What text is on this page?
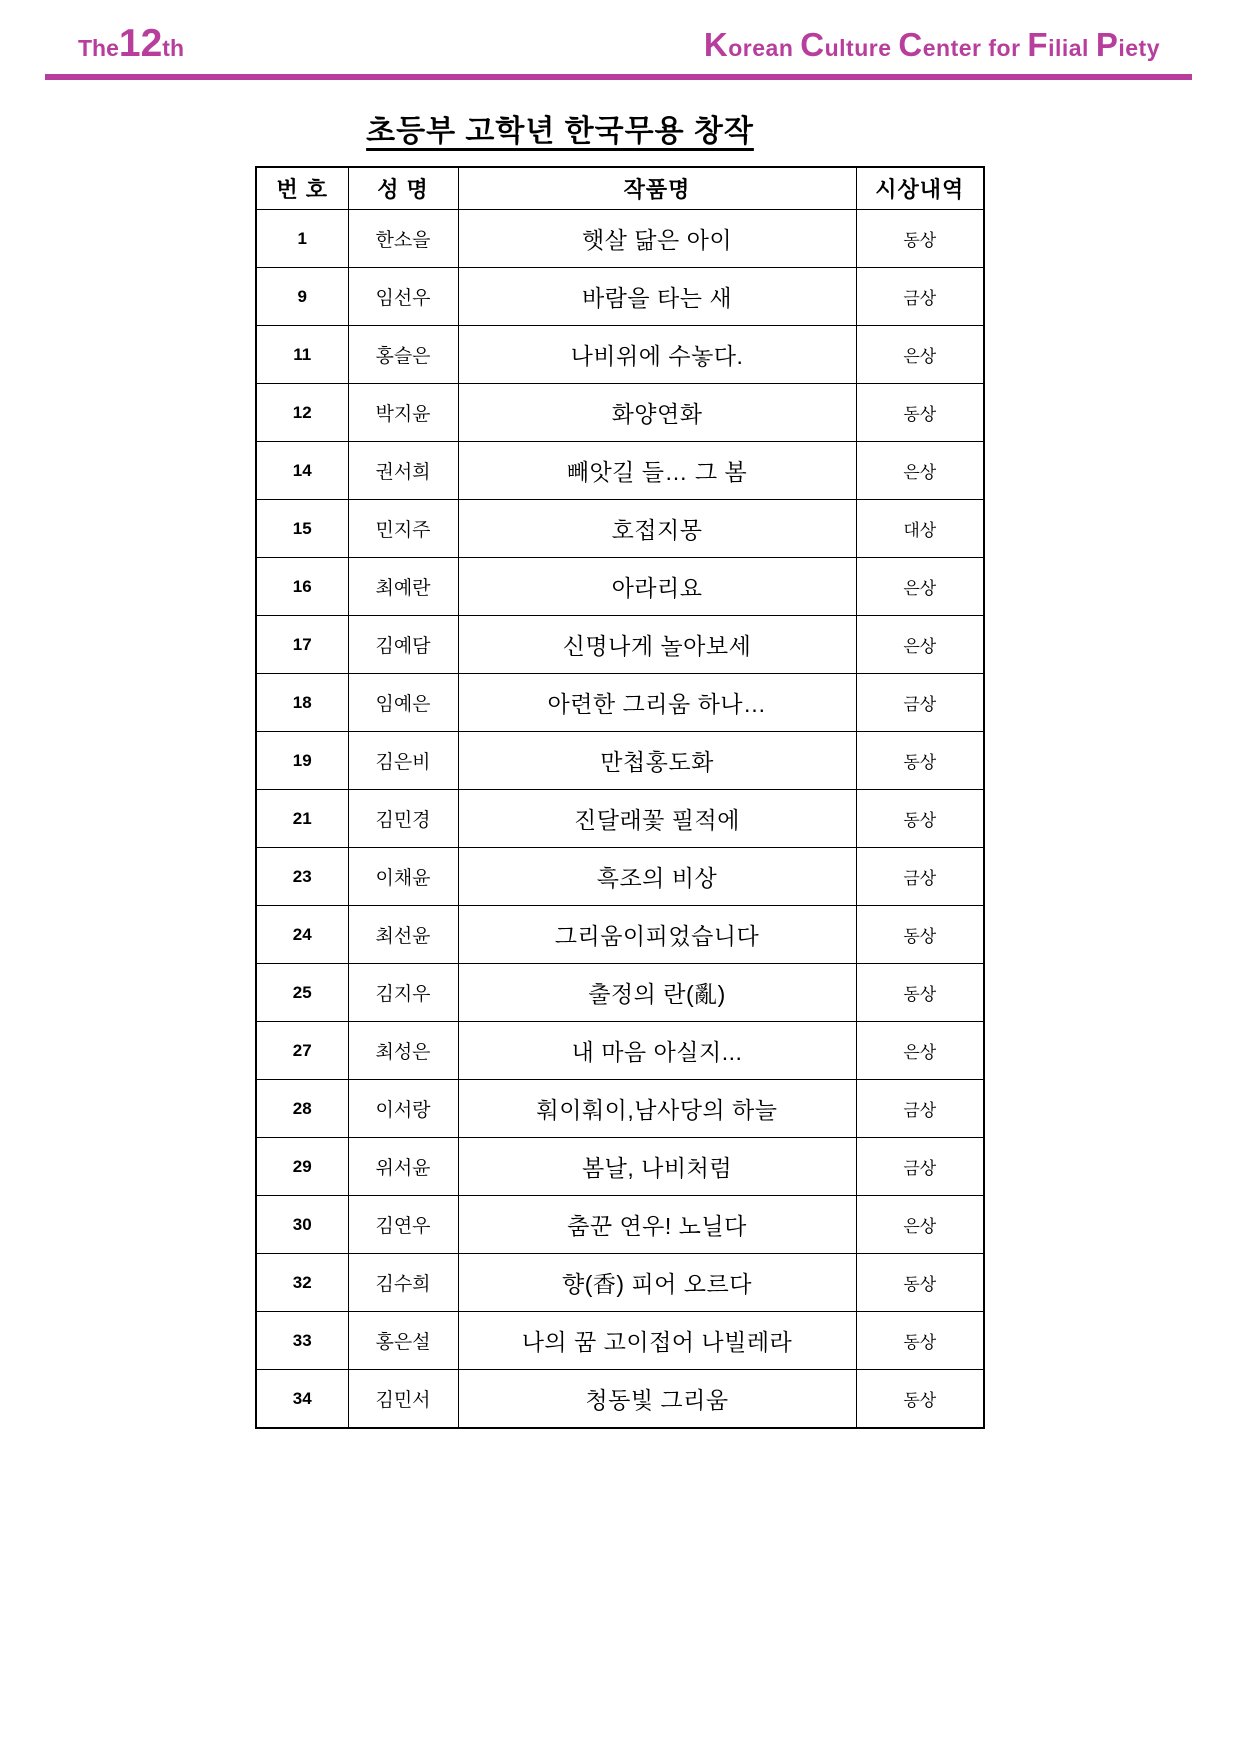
The12th	Korean Culture Center for Filial Piety
초등부 고학년 한국무용 창작
번 호	성 명	작품명	시상내역
1	한소을	햇살 닮은 아이	동상
9	임선우	바람을 타는 새	금상
11	홍슬은	나비위에 수놓다.	은상
12	박지윤	화양연화	동상
14	권서희	빼앗길 들… 그 봄	은상
15	민지주	호접지몽	대상
16	최예란	아라리요	은상
17	김예담	신명나게 놀아보세	은상
18	임예은	아련한 그리움 하나…	금상
19	김은비	만첩홍도화	동상
21	김민경	진달래꽃 필적에	동상
23	이채윤	흑조의 비상	금상
24	최선윤	그리움이피었습니다	동상
25	김지우	출정의 란(亂)	동상
27	최성은	내 마음 아실지...	은상
28	이서랑	훠이훠이,남사당의 하늘	금상
29	위서윤	봄날, 나비처럼	금상
30	김연우	춤꾼 연우! 노닐다	은상
32	김수희	향(香) 피어 오르다	동상
33	홍은설	나의 꿈 고이접어 나빌레라	동상
34	김민서	청동빛 그리움	동상
